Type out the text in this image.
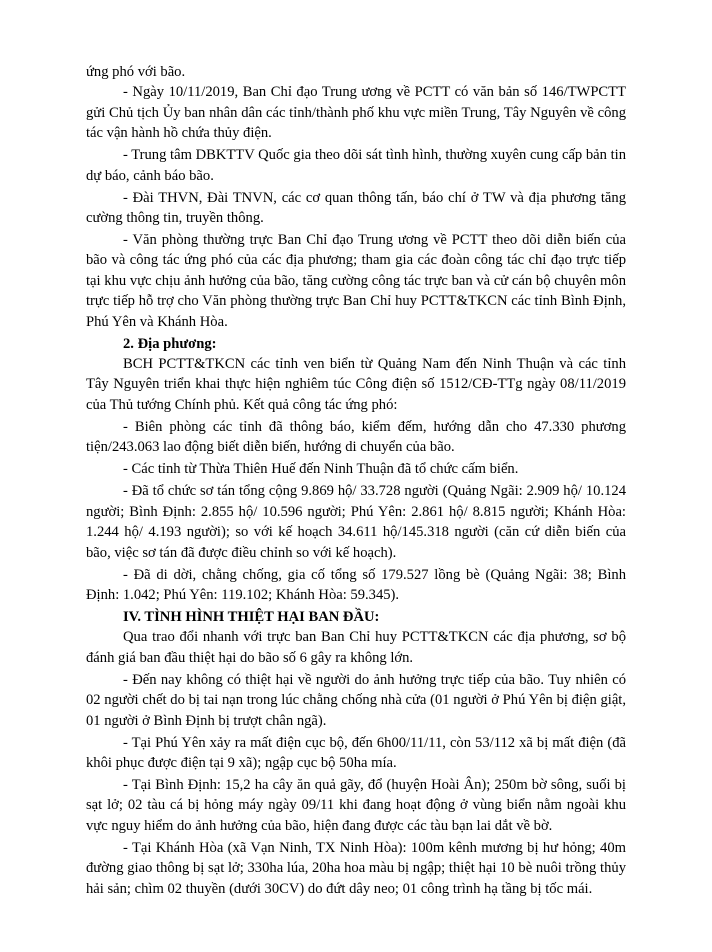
ứng phó với bão.

- Ngày 10/11/2019, Ban Chỉ đạo Trung ương về PCTT có văn bản số 146/TWPCTT gửi Chủ tịch Ủy ban nhân dân các tỉnh/thành phố khu vực miền Trung, Tây Nguyên về công tác vận hành hồ chứa thủy điện.

- Trung tâm DBKTTV Quốc gia theo dõi sát tình hình, thường xuyên cung cấp bản tin dự báo, cảnh báo bão.

- Đài THVN, Đài TNVN, các cơ quan thông tấn, báo chí ở TW và địa phương tăng cường thông tin, truyền thông.

- Văn phòng thường trực Ban Chỉ đạo Trung ương về PCTT theo dõi diễn biến của bão và công tác ứng phó của các địa phương; tham gia các đoàn công tác chỉ đạo trực tiếp tại khu vực chịu ảnh hưởng của bão, tăng cường công tác trực ban và cử cán bộ chuyên môn trực tiếp hỗ trợ cho Văn phòng thường trực Ban Chỉ huy PCTT&TKCN các tỉnh Bình Định, Phú Yên và Khánh Hòa.

2. Địa phương:

BCH PCTT&TKCN các tỉnh ven biển từ Quảng Nam đến Ninh Thuận và các tỉnh Tây Nguyên triển khai thực hiện nghiêm túc Công điện số 1512/CĐ-TTg ngày 08/11/2019 của Thủ tướng Chính phủ. Kết quả công tác ứng phó:

- Biên phòng các tỉnh đã thông báo, kiểm đếm, hướng dẫn cho 47.330 phương tiện/243.063 lao động biết diễn biến, hướng di chuyển của bão.

- Các tỉnh từ Thừa Thiên Huế đến Ninh Thuận đã tổ chức cấm biển.

- Đã tổ chức sơ tán tổng cộng 9.869 hộ/ 33.728 người (Quảng Ngãi: 2.909 hộ/ 10.124 người; Bình Định: 2.855 hộ/ 10.596 người; Phú Yên: 2.861 hộ/ 8.815 người; Khánh Hòa: 1.244 hộ/ 4.193 người); so với kế hoạch 34.611 hộ/145.318 người (căn cứ diễn biến của bão, việc sơ tán đã được điều chỉnh so với kế hoạch).

- Đã di dời, chằng chống, gia cố tổng số 179.527 lồng bè (Quảng Ngãi: 38; Bình Định: 1.042; Phú Yên: 119.102; Khánh Hòa: 59.345).

IV. TÌNH HÌNH THIỆT HẠI BAN ĐẦU:

Qua trao đổi nhanh với trực ban Ban Chỉ huy PCTT&TKCN các địa phương, sơ bộ đánh giá ban đầu thiệt hại do bão số 6 gây ra không lớn.

- Đến nay không có thiệt hại về người do ảnh hưởng trực tiếp của bão. Tuy nhiên có 02 người chết do bị tai nạn trong lúc chằng chống nhà cửa (01 người ở Phú Yên bị điện giật, 01 người ở Bình Định bị trượt chân ngã).

- Tại Phú Yên xảy ra mất điện cục bộ, đến 6h00/11/11, còn 53/112 xã bị mất điện (đã khôi phục được điện tại 9 xã); ngập cục bộ 50ha mía.

- Tại Bình Định: 15,2 ha cây ăn quả gãy, đổ (huyện Hoài Ân); 250m bờ sông, suối bị sạt lở; 02 tàu cá bị hỏng máy ngày 09/11 khi đang hoạt động ở vùng biển nằm ngoài khu vực nguy hiểm do ảnh hưởng của bão, hiện đang được các tàu bạn lai dắt về bờ.

- Tại Khánh Hòa (xã Vạn Ninh, TX Ninh Hòa): 100m kênh mương bị hư hỏng; 40m đường giao thông bị sạt lở; 330ha lúa, 20ha hoa màu bị ngập; thiệt hại 10 bè nuôi trồng thủy hải sản; chìm 02 thuyền (dưới 30CV) do đứt dây neo; 01 công trình hạ tầng bị tốc mái.
